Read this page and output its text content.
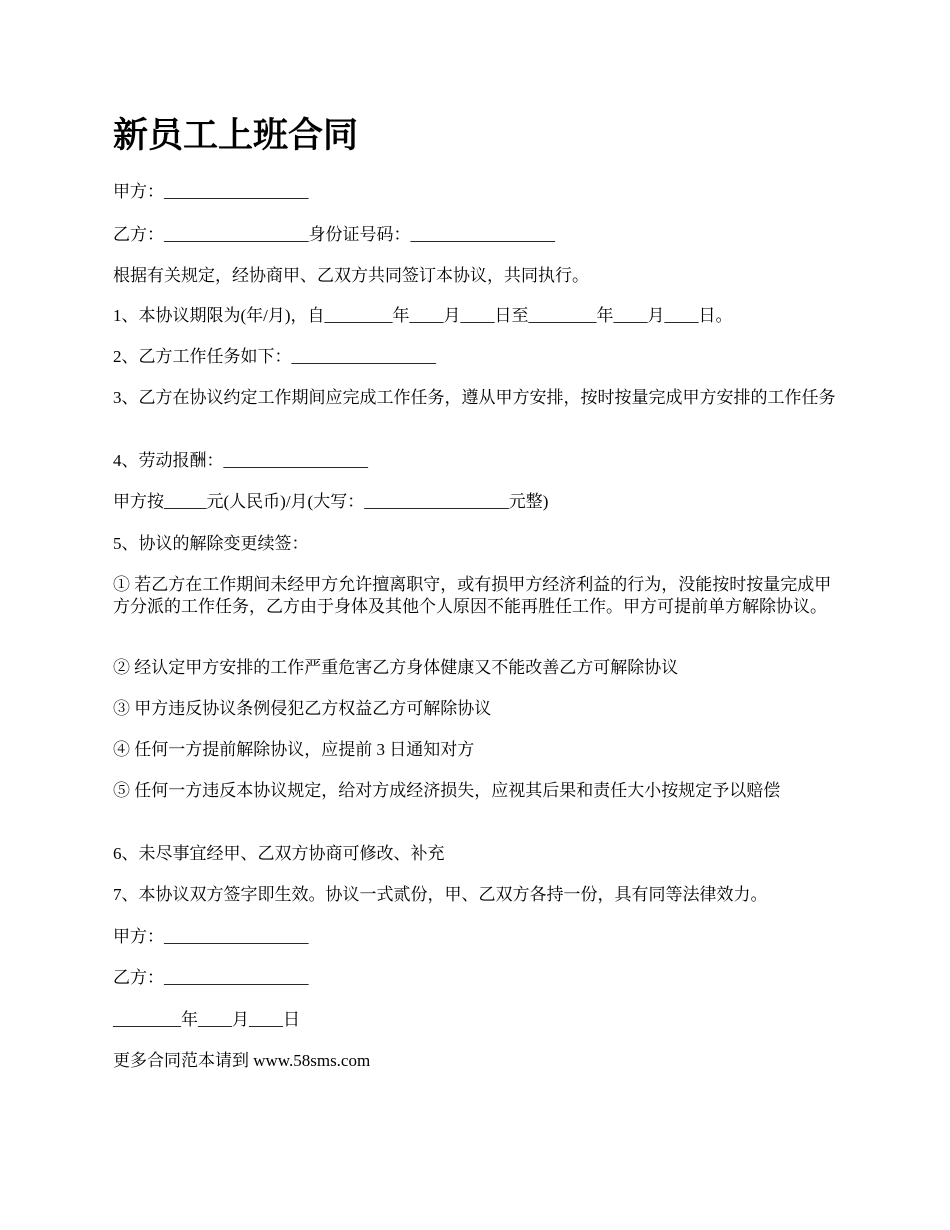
新员工上班合同

甲方：_________________

乙方：_________________身份证号码：_________________

根据有关规定，经协商甲、乙双方共同签订本协议，共同执行。

1、本协议期限为(年/月)，自________年____月____日至________年____月____日。

2、乙方工作任务如下：_________________

3、乙方在协议约定工作期间应完成工作任务，遵从甲方安排，按时按量完成甲方安排的工作任务

4、劳动报酬：_________________

甲方按_____元(人民币)/月(大写：_________________元整)

5、协议的解除变更续签：

① 若乙方在工作期间未经甲方允许擅离职守，或有损甲方经济利益的行为，没能按时按量完成甲方分派的工作任务，乙方由于身体及其他个人原因不能再胜任工作。甲方可提前单方解除协议。

② 经认定甲方安排的工作严重危害乙方身体健康又不能改善乙方可解除协议

③ 甲方违反协议条例侵犯乙方权益乙方可解除协议

④ 任何一方提前解除协议，应提前 3 日通知对方

⑤ 任何一方违反本协议规定，给对方成经济损失，应视其后果和责任大小按规定予以赔偿

6、未尽事宜经甲、乙双方协商可修改、补充

7、本协议双方签字即生效。协议一式贰份，甲、乙双方各持一份，具有同等法律效力。

甲方：_________________

乙方：_________________

________年____月____日

更多合同范本请到 www.58sms.com
